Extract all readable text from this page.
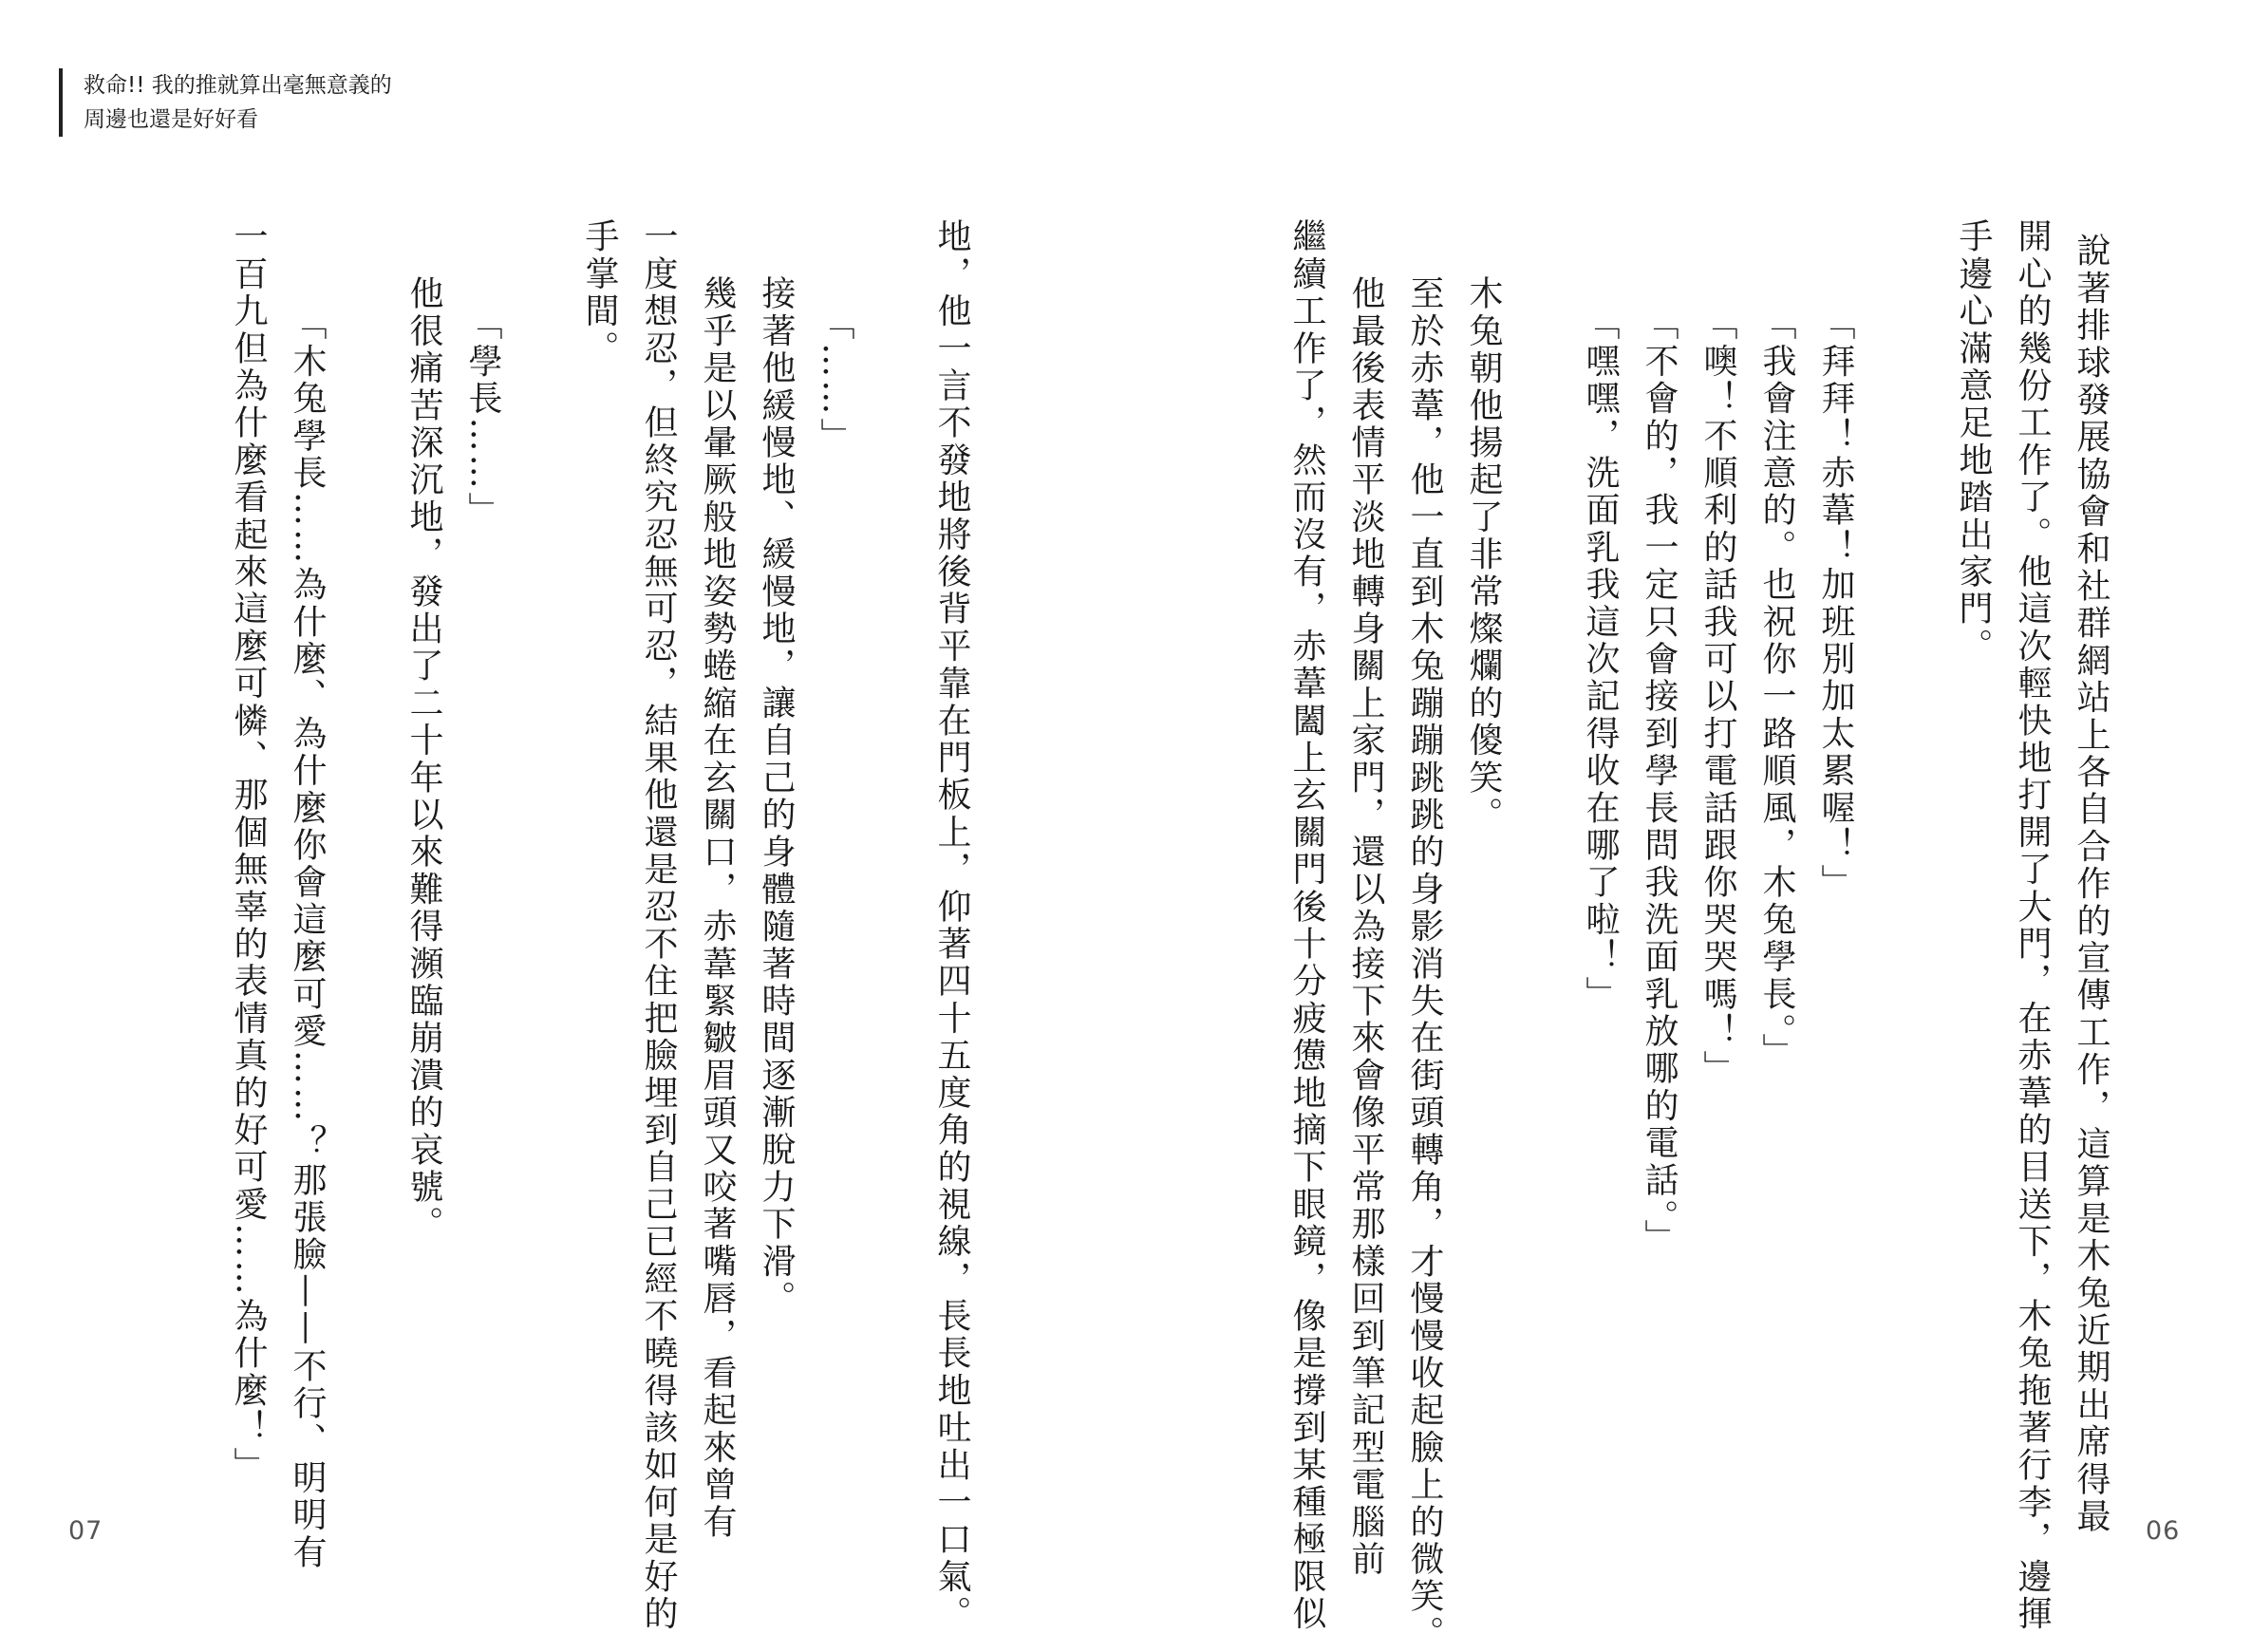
救命!! 我的推就算出毫無意義的
周邊也還是好好看
說著排球發展協會和社群網站上各自合作的宣傳工作，這算是木兔近期出席得最
開心的幾份工作了。他這次輕快地打開了大門，在赤葦的目送下，木兔拖著行李，邊揮
手邊心滿意足地踏出家門。
「拜拜！赤葦！加班別加太累喔！」
「我會注意的。也祝你一路順風，木兔學長。」
「噢！不順利的話我可以打電話跟你哭哭嗎！」
「不會的，我一定只會接到學長問我洗面乳放哪的電話。」
「嘿嘿，洗面乳我這次記得收在哪了啦！」
木兔朝他揚起了非常燦爛的傻笑。
至於赤葦，他一直到木兔蹦蹦跳跳的身影消失在街頭轉角，才慢慢收起臉上的微笑。
他最後表情平淡地轉身關上家門，還以為接下來會像平常那樣回到筆記型電腦前
繼續工作了，然而沒有，赤葦闔上玄關門後十分疲憊地摘下眼鏡，像是撐到某種極限似
地，他一言不發地將後背平靠在門板上，仰著四十五度角的視線，長長地吐出一口氣。
「……」
接著他緩慢地、緩慢地，讓自己的身體隨著時間逐漸脫力下滑。
幾乎是以暈厥般地姿勢蜷縮在玄關口，赤葦緊皺眉頭又咬著嘴唇，看起來曾有
一度想忍，但終究忍無可忍，結果他還是忍不住把臉埋到自己已經不曉得該如何是好的
手掌間。
「學長……」
他很痛苦深沉地，發出了二十年以來難得瀕臨崩潰的哀號。
「木兔學長……為什麼、為什麼你會這麼可愛……？那張臉——不行、明明有
一百九但為什麼看起來這麼可憐、那個無辜的表情真的好可愛……為什麼！」
07	06
